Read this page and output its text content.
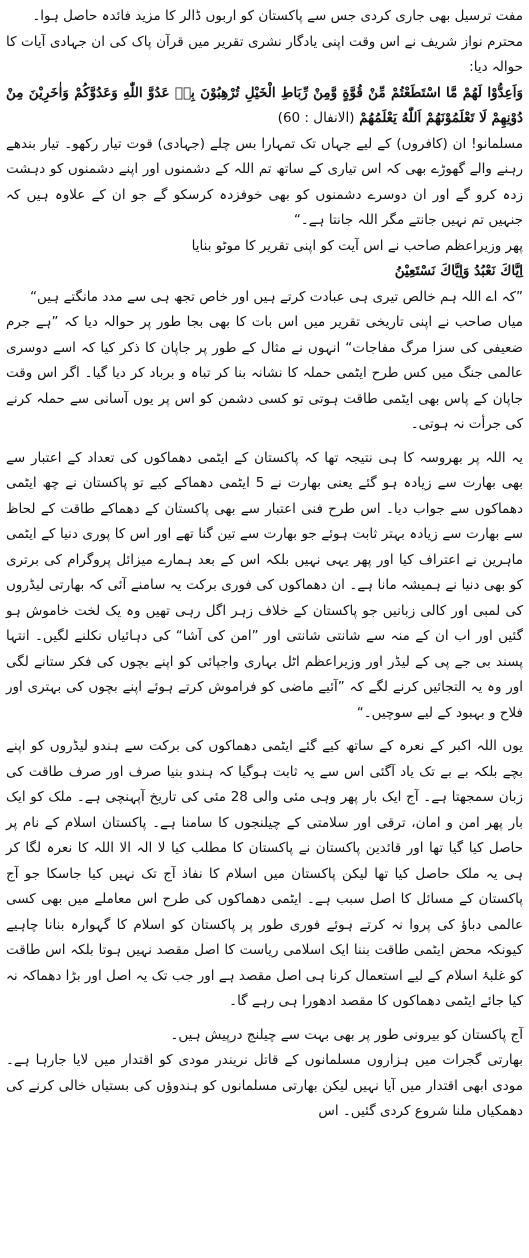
مفت ترسیل بھی جاری کردی جس سے پاکستان کو اربوں ڈالر کا مزید فائدہ حاصل ہوا۔

محترم نواز شریف نے اس وقت اپنی یادگار نشری تقریر میں قرآن پاک کی ان جہادی آیات کا حوالہ دیا:

وَاَعِدُّوْا لَهُمْ مَّا اسْتَطَعْتُمْ مِّنْ قُوَّةٍ وَّمِنْ رِّبَاطِ الْخَيْلِ تُرْهِبُوْنَ بِهٖ عَدُوَّ اللّٰهِ وَعَدُوَّكُمْ وَاٰخَرِيْنَ مِنْ دُوْنِهِمْ لَا تَعْلَمُوْنَهُمْ اَللّٰهُ يَعْلَمُهُمْ (الانفال : 60)

مسلمانو! ان (کافروں) کے لیے جہاں تک تمہارا بس چلے (جہادی) قوت تیار رکھو۔ تیار بندھے رہنے والے گھوڑے بھی کہ اس تیاری کے ساتھ تم اللہ کے دشمنوں اور اپنے دشمنوں کو دہشت زدہ کرو گے اور ان دوسرے دشمنوں کو بھی خوفزدہ کرسکو گے جو ان کے علاوہ ہیں کہ جنہیں تم نہیں جانتے مگر اللہ جانتا ہے۔“

پھر وزیراعظم صاحب نے اس آیت کو اپنی تقریر کا موٹو بنایا

اِيَّاكَ نَعْبُدُ وَاِيَّاكَ نَسْتَعِيْنُ

”کہ اے اللہ ہم خالص تیری ہی عبادت کرتے ہیں اور خاص تجھ ہی سے مدد مانگتے ہیں“

میاں صاحب نے اپنی تاریخی تقریر میں اس بات کا بھی بجا طور پر حوالہ دیا کہ ”ہے جرم ضعیفی کی سزا مرگ مفاجات“ انہوں نے مثال کے طور پر جاپان کا ذکر کیا کہ اسے دوسری عالمی جنگ میں کس طرح ایٹمی حملہ کا نشانہ بنا کر تباہ و برباد کر دیا گیا۔ اگر اس وقت جاپان کے پاس بھی ایٹمی طاقت ہوتی تو کسی دشمن کو اس پر یوں آسانی سے حملہ کرنے کی جرأت نہ ہوتی۔

یہ اللہ پر بھروسہ کا ہی نتیجہ تھا کہ پاکستان کے ایٹمی دھماکوں کی تعداد کے اعتبار سے بھی بھارت سے زیادہ ہو گئے یعنی بھارت نے 5 ایٹمی دھماکے کیے تو پاکستان نے چھ ایٹمی دھماکوں سے جواب دیا۔ اس طرح فنی اعتبار سے بھی پاکستان کے دھماکے طاقت کے لحاظ سے بھارت سے زیادہ بہتر ثابت ہوئے جو بھارت سے تین گنا تھے اور اس کا پوری دنیا کے ایٹمی ماہرین نے اعتراف کیا اور پھر یہی نہیں بلکہ اس کے بعد ہمارے میزائل پروگرام کی برتری کو بھی دنیا نے ہمیشہ مانا ہے۔ ان دھماکوں کی فوری برکت یہ سامنے آئی کہ بھارتی لیڈروں کی لمبی اور کالی زبانیں جو پاکستان کے خلاف زہر اگل رہی تھیں وہ یک لخت خاموش ہو گئیں اور اب ان کے منہ سے شانتی شانتی اور ”امن کی آشا“ کی دہائیاں نکلنے لگیں۔ انتہا پسند بی جے پی کے لیڈر اور وزیراعظم اٹل بہاری واجپائی کو اپنے بچوں کی فکر ستانے لگی اور وہ یہ التجائیں کرنے لگے کہ ”آئیے ماضی کو فراموش کرتے ہوئے اپنے بچوں کی بہتری اور فلاح و بہبود کے لیے سوچیں۔“

یوں اللہ اکبر کے نعرہ کے ساتھ کیے گئے ایٹمی دھماکوں کی برکت سے ہندو لیڈروں کو اپنے بچے بلکہ بے بے تک یاد آگئی اس سے یہ ثابت ہوگیا کہ ہندو بنیا صرف اور صرف طاقت کی زبان سمجھتا ہے۔ آج ایک بار پھر وہی مئی والی 28 مئی کی تاریخ آپہنچی ہے۔ ملک کو ایک بار پھر امن و امان، ترقی اور سلامتی کے چیلنجوں کا سامنا ہے۔ پاکستان اسلام کے نام پر حاصل کیا گیا تھا اور قائدین پاکستان نے پاکستان کا مطلب کیا لا الہ الا اللہ کا نعرہ لگا کر ہی یہ ملک حاصل کیا تھا لیکن پاکستان میں اسلام کا نفاذ آج تک نہیں کیا جاسکا جو آج پاکستان کے مسائل کا اصل سبب ہے۔ ایٹمی دھماکوں کی طرح اس معاملے میں بھی کسی عالمی دباؤ کی پروا نہ کرتے ہوئے فوری طور پر پاکستان کو اسلام کا گہوارہ بنانا چاہیے کیونکہ محض ایٹمی طاقت بننا ایک اسلامی ریاست کا اصل مقصد نہیں ہوتا بلکہ اس طاقت کو غلبۂ اسلام کے لیے استعمال کرنا ہی اصل مقصد ہے اور جب تک یہ اصل اور بڑا دھماکہ نہ کیا جائے ایٹمی دھماکوں کا مقصد ادھورا ہی رہے گا۔

آج پاکستان کو بیرونی طور پر بھی بہت سے چیلنج درپیش ہیں۔

بھارتی گجرات میں ہزاروں مسلمانوں کے قاتل نریندر مودی کو اقتدار میں لایا جارہا ہے۔ مودی ابھی اقتدار میں آیا نہیں لیکن بھارتی مسلمانوں کو ہندوؤں کی بستیاں خالی کرنے کی دھمکیاں ملنا شروع کردی گئیں۔ اس
